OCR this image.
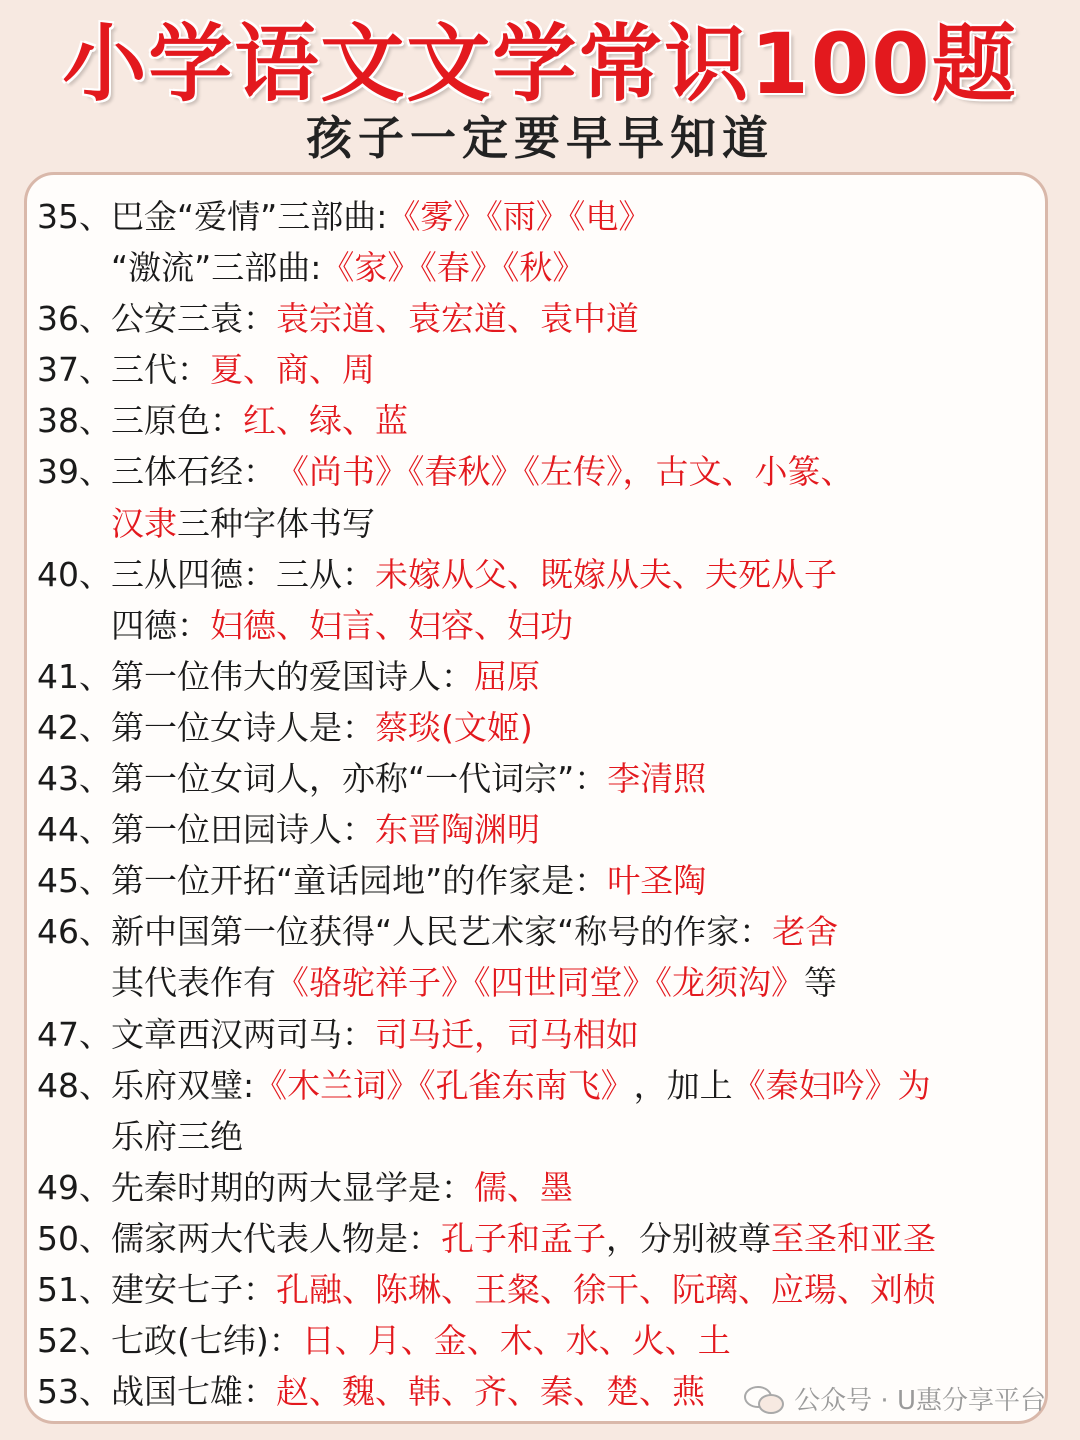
小学语文文学常识100题
孩子一定要早早知道
35、 巴金“爱情”三部曲: 《雾》《雨》《电》
“激流”三部曲: 《家》《春》《秋》
36、 公安三袁： 袁宗道、袁宏道、袁中道
37、 三代： 夏、商、周
38、 三原色： 红、绿、蓝
39、 三体石经： 《尚书》《春秋》《左传》，古文、小篆、
汉隶 三种字体书写
40、 三从四德：三从： 未嫁从父、既嫁从夫、夫死从子
四德： 妇德、妇言、妇容、妇功
41、 第一位伟大的爱国诗人： 屈原
42、 第一位女诗人是： 蔡琰(文姬)
43、 第一位女词人，亦称“一代词宗”： 李清照
44、 第一位田园诗人： 东晋陶渊明
45、 第一位开拓“童话园地”的作家是： 叶圣陶
46、 新中国第一位获得“人民艺术家“称号的作家： 老舍
其代表作有 《骆驼祥子》《四世同堂》《龙须沟》 等
47、 文章西汉两司马： 司马迁，司马相如
48、 乐府双璧: 《木兰词》《孔雀东南飞》 ，加上 《秦妇吟》为
乐府三绝
49、 先秦时期的两大显学是： 儒、墨
50、 儒家两大代表人物是： 孔子和孟子 ，分别被尊 至圣和亚圣
51、 建安七子： 孔融、陈琳、王粲、徐干、阮璃、应瑒、刘桢
52、 七政(七纬)： 日、月、金、木、水、火、土
53、 战国七雄： 赵、魏、韩、齐、秦、楚、燕	公众号 · U惠分享平台
